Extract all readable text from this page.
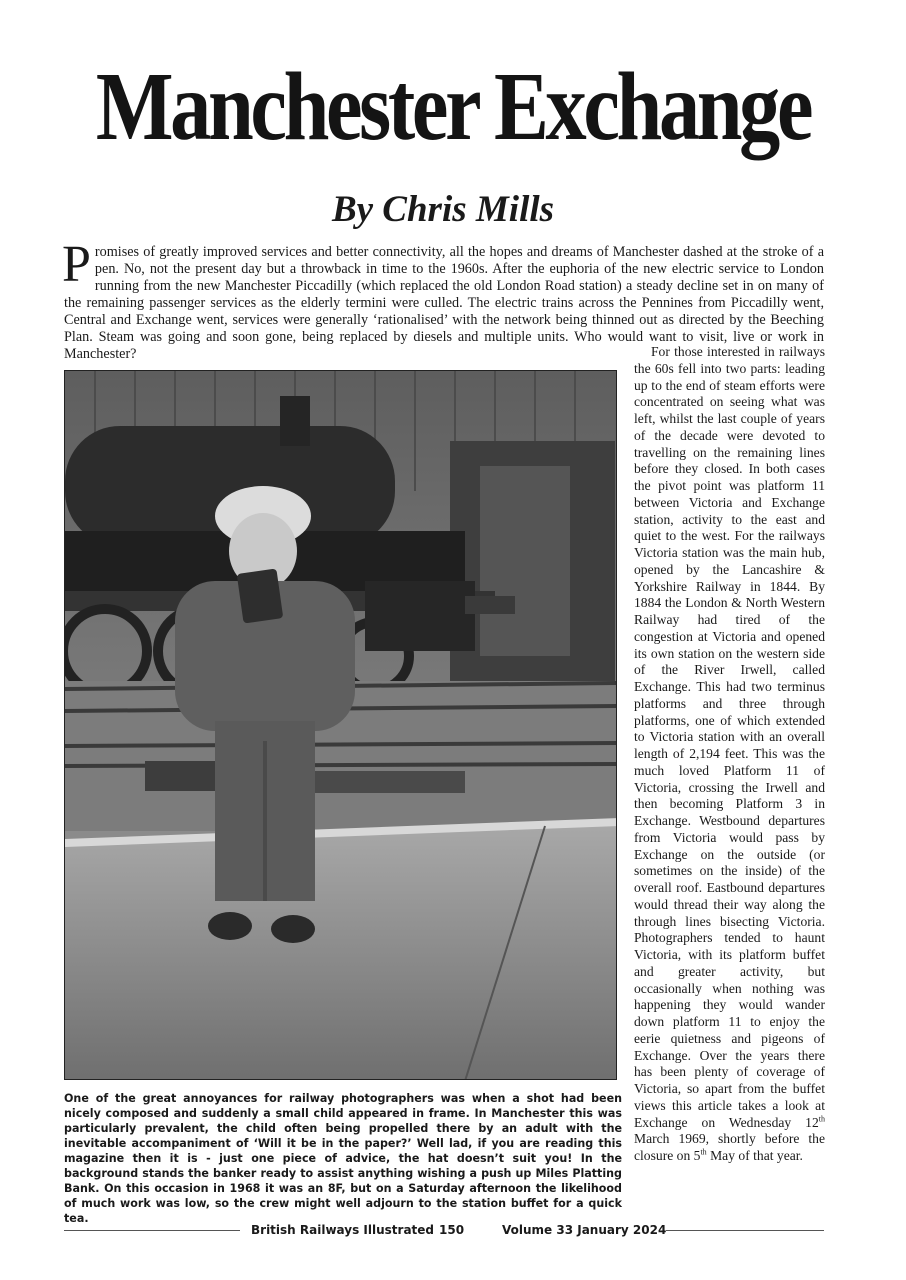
Manchester Exchange
By Chris Mills

Promises of greatly improved services and better connectivity, all the hopes and dreams of Manchester dashed at the stroke of a pen. No, not the present day but a throwback in time to the 1960s. After the euphoria of the new electric service to London running from the new Manchester Piccadilly (which replaced the old London Road station) a steady decline set in on many of the remaining passenger services as the elderly termini were culled. The electric trains across the Pennines from Piccadilly went, Central and Exchange went, services were generally ‘rationalised’ with the network being thinned out as directed by the Beeching Plan. Steam was going and soon gone, being replaced by diesels and multiple units. Who would want to visit, live or work in Manchester?

One of the great annoyances for railway photographers was when a shot had been nicely composed and suddenly a small child appeared in frame. In Manchester this was particularly prevalent, the child often being propelled there by an adult with the inevitable accompaniment of ‘Will it be in the paper?’ Well lad, if you are reading this magazine then it is - just one piece of advice, the hat doesn’t suit you! In the background stands the banker ready to assist anything wishing a push up Miles Platting Bank. On this occasion in 1968 it was an 8F, but on a Saturday afternoon the likelihood of much work was low, so the crew might well adjourn to the station buffet for a quick tea.

For those interested in railways the 60s fell into two parts: leading up to the end of steam efforts were concentrated on seeing what was left, whilst the last couple of years of the decade were devoted to travelling on the remaining lines before they closed. In both cases the pivot point was platform 11 between Victoria and Exchange station, activity to the east and quiet to the west. For the railways Victoria station was the main hub, opened by the Lancashire & Yorkshire Railway in 1844. By 1884 the London & North Western Railway had tired of the congestion at Victoria and opened its own station on the western side of the River Irwell, called Exchange. This had two terminus platforms and three through platforms, one of which extended to Victoria station with an overall length of 2,194 feet. This was the much loved Platform 11 of Victoria, crossing the Irwell and then becoming Platform 3 in Exchange. Westbound departures from Victoria would pass by Exchange on the outside (or sometimes on the inside) of the overall roof. Eastbound departures would thread their way along the through lines bisecting Victoria. Photographers tended to haunt Victoria, with its platform buffet and greater activity, but occasionally when nothing was happening they would wander down platform 11 to enjoy the eerie quietness and pigeons of Exchange. Over the years there has been plenty of coverage of Victoria, so apart from the buffet views this article takes a look at Exchange on Wednesday 12th March 1969, shortly before the closure on 5th May of that year.

British Railways Illustrated 150	Volume 33 January 2024
